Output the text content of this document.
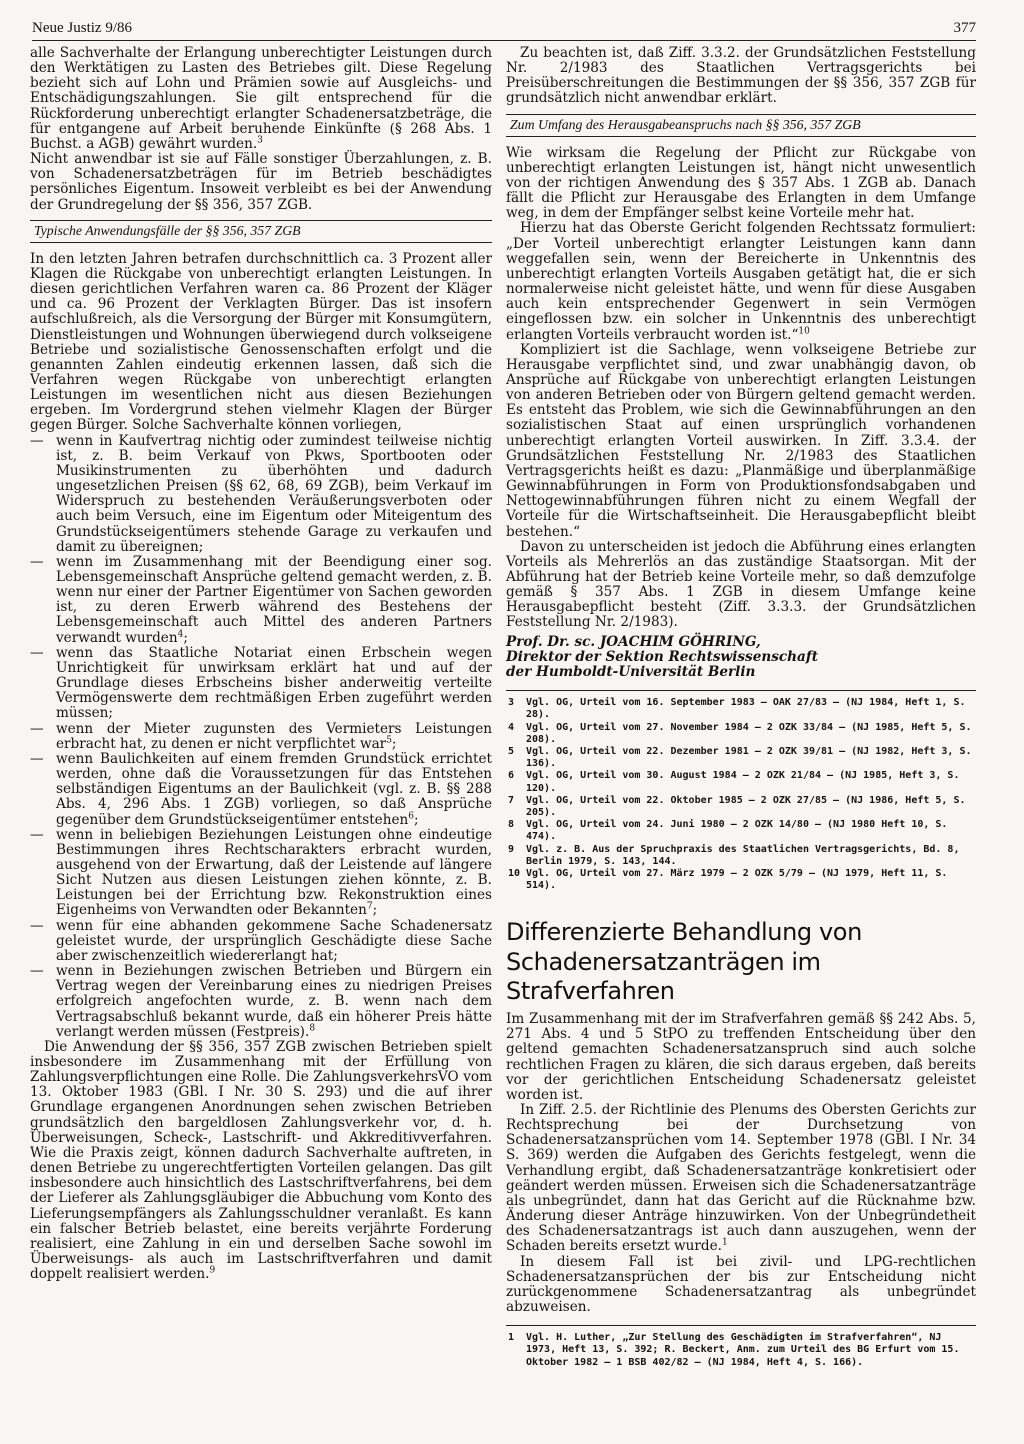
Neue Justiz 9/86	377

alle Sachverhalte der Erlangung unberechtigter Leistungen durch den Werktätigen zu Lasten des Betriebes gilt. Diese Regelung bezieht sich auf Lohn und Prämien sowie auf Ausgleichs- und Entschädigungszahlungen. Sie gilt entsprechend für die Rückforderung unberechtigt erlangter Schadenersatzbeträge, die für entgangene auf Arbeit beruhende Einkünfte (§ 268 Abs. 1 Buchst. a AGB) gewährt wurden.$^3$

Nicht anwendbar ist sie auf Fälle sonstiger Überzahlungen, z. B. von Schadenersatzbeträgen für im Betrieb beschädigtes persönliches Eigentum. Insoweit verbleibt es bei der Anwendung der Grundregelung der §§ 356, 357 ZGB.

Typische Anwendungsfälle der §§ 356, 357 ZGB

In den letzten Jahren betrafen durchschnittlich ca. 3 Prozent aller Klagen die Rückgabe von unberechtigt erlangten Leistungen. In diesen gerichtlichen Verfahren waren ca. 86 Prozent der Kläger und ca. 96 Prozent der Verklagten Bürger. Das ist insofern aufschlußreich, als die Versorgung der Bürger mit Konsumgütern, Dienstleistungen und Wohnungen überwiegend durch volkseigene Betriebe und sozialistische Genossenschaften erfolgt und die genannten Zahlen eindeutig erkennen lassen, daß sich die Verfahren wegen Rückgabe von unberechtigt erlangten Leistungen im wesentlichen nicht aus diesen Beziehungen ergeben. Im Vordergrund stehen vielmehr Klagen der Bürger gegen Bürger. Solche Sachverhalte können vorliegen,

— wenn in Kaufvertrag nichtig oder zumindest teilweise nichtig ist, z. B. beim Verkauf von Pkws, Sportbooten oder Musikinstrumenten zu überhöhten und dadurch ungesetzlichen Preisen (§§ 62, 68, 69 ZGB), beim Verkauf im Widerspruch zu bestehenden Veräußerungsverboten oder auch beim Versuch, eine im Eigentum oder Miteigentum des Grundstückseigentümers stehende Garage zu verkaufen und damit zu übereignen;
— wenn im Zusammenhang mit der Beendigung einer sog. Lebensgemeinschaft Ansprüche geltend gemacht werden, z. B. wenn nur einer der Partner Eigentümer von Sachen geworden ist, zu deren Erwerb während des Bestehens der Lebensgemeinschaft auch Mittel des anderen Partners verwandt wurden$^4$;
— wenn das Staatliche Notariat einen Erbschein wegen Unrichtigkeit für unwirksam erklärt hat und auf der Grundlage dieses Erbscheins bisher anderweitig verteilte Vermögenswerte dem rechtmäßigen Erben zugeführt werden müssen;
— wenn der Mieter zugunsten des Vermieters Leistungen erbracht hat, zu denen er nicht verpflichtet war$^5$;
— wenn Baulichkeiten auf einem fremden Grundstück errichtet werden, ohne daß die Voraussetzungen für das Entstehen selbständigen Eigentums an der Baulichkeit (vgl. z. B. §§ 288 Abs. 4, 296 Abs. 1 ZGB) vorliegen, so daß Ansprüche gegenüber dem Grundstückseigentümer entstehen$^6$;
— wenn in beliebigen Beziehungen Leistungen ohne eindeutige Bestimmungen ihres Rechtscharakters erbracht wurden, ausgehend von der Erwartung, daß der Leistende auf längere Sicht Nutzen aus diesen Leistungen ziehen könnte, z. B. Leistungen bei der Errichtung bzw. Rekonstruktion eines Eigenheims von Verwandten oder Bekannten$^7$;
— wenn für eine abhanden gekommene Sache Schadenersatz geleistet wurde, der ursprünglich Geschädigte diese Sache aber zwischenzeitlich wiedererlangt hat;
— wenn in Beziehungen zwischen Betrieben und Bürgern ein Vertrag wegen der Vereinbarung eines zu niedrigen Preises erfolgreich angefochten wurde, z. B. wenn nach dem Vertragsabschluß bekannt wurde, daß ein höherer Preis hätte verlangt werden müssen (Festpreis).$^8$

Die Anwendung der §§ 356, 357 ZGB zwischen Betrieben spielt insbesondere im Zusammenhang mit der Erfüllung von Zahlungsverpflichtungen eine Rolle. Die ZahlungsverkehrsVO vom 13. Oktober 1983 (GBl. I Nr. 30 S. 293) und die auf ihrer Grundlage ergangenen Anordnungen sehen zwischen Betrieben grundsätzlich den bargeldlosen Zahlungsverkehr vor, d. h. Überweisungen, Scheck-, Lastschrift- und Akkreditivverfahren. Wie die Praxis zeigt, können dadurch Sachverhalte auftreten, in denen Betriebe zu ungerechtfertigten Vorteilen gelangen. Das gilt insbesondere auch hinsichtlich des Lastschriftverfahrens, bei dem der Lieferer als Zahlungsgläubiger die Abbuchung vom Konto des Lieferungsempfängers als Zahlungsschuldner veranlaßt. Es kann ein falscher Betrieb belastet, eine bereits verjährte Forderung realisiert, eine Zahlung in ein und derselben Sache sowohl im Überweisungs- als auch im Lastschriftverfahren und damit doppelt realisiert werden.$^9$

Zu beachten ist, daß Ziff. 3.3.2. der Grundsätzlichen Feststellung Nr. 2/1983 des Staatlichen Vertragsgerichts bei Preisüberschreitungen die Bestimmungen der §§ 356, 357 ZGB für grundsätzlich nicht anwendbar erklärt.

Zum Umfang des Herausgabeanspruchs nach §§ 356, 357 ZGB

Wie wirksam die Regelung der Pflicht zur Rückgabe von unberechtigt erlangten Leistungen ist, hängt nicht unwesentlich von der richtigen Anwendung des § 357 Abs. 1 ZGB ab. Danach fällt die Pflicht zur Herausgabe des Erlangten in dem Umfange weg, in dem der Empfänger selbst keine Vorteile mehr hat.

Hierzu hat das Oberste Gericht folgenden Rechtssatz formuliert: „Der Vorteil unberechtigt erlangter Leistungen kann dann weggefallen sein, wenn der Bereicherte in Unkenntnis des unberechtigt erlangten Vorteils Ausgaben getätigt hat, die er sich normalerweise nicht geleistet hätte, und wenn für diese Ausgaben auch kein entsprechender Gegenwert in sein Vermögen eingeflossen bzw. ein solcher in Unkenntnis des unberechtigt erlangten Vorteils verbraucht worden ist.“$^{10}$

Kompliziert ist die Sachlage, wenn volkseigene Betriebe zur Herausgabe verpflichtet sind, und zwar unabhängig davon, ob Ansprüche auf Rückgabe von unberechtigt erlangten Leistungen von anderen Betrieben oder von Bürgern geltend gemacht werden. Es entsteht das Problem, wie sich die Gewinnabführungen an den sozialistischen Staat auf einen ursprünglich vorhandenen unberechtigt erlangten Vorteil auswirken. In Ziff. 3.3.4. der Grundsätzlichen Feststellung Nr. 2/1983 des Staatlichen Vertragsgerichts heißt es dazu: „Planmäßige und überplanmäßige Gewinnabführungen in Form von Produktionsfondsabgaben und Nettogewinnabführungen führen nicht zu einem Wegfall der Vorteile für die Wirtschaftseinheit. Die Herausgabepflicht bleibt bestehen.“

Davon zu unterscheiden ist jedoch die Abführung eines erlangten Vorteils als Mehrerlös an das zuständige Staatsorgan. Mit der Abführung hat der Betrieb keine Vorteile mehr, so daß demzufolge gemäß § 357 Abs. 1 ZGB in diesem Umfange keine Herausgabepflicht besteht (Ziff. 3.3.3. der Grundsätzlichen Feststellung Nr. 2/1983).

Prof. Dr. sc. JOACHIM GÖHRING,
Direktor der Sektion Rechtswissenschaft
der Humboldt-Universität Berlin
3 Vgl. OG, Urteil vom 16. September 1983 — OAK 27/83 — (NJ 1984, Heft 1, S. 28).
4 Vgl. OG, Urteil vom 27. November 1984 — 2 OZK 33/84 — (NJ 1985, Heft 5, S. 208).
5 Vgl. OG, Urteil vom 22. Dezember 1981 — 2 OZK 39/81 — (NJ 1982, Heft 3, S. 136).
6 Vgl. OG, Urteil vom 30. August 1984 — 2 OZK 21/84 — (NJ 1985, Heft 3, S. 120).
7 Vgl. OG, Urteil vom 22. Oktober 1985 — 2 OZK 27/85 — (NJ 1986, Heft 5, S. 205).
8 Vgl. OG, Urteil vom 24. Juni 1980 — 2 OZK 14/80 — (NJ 1980 Heft 10, S. 474).
9 Vgl. z. B. Aus der Spruchpraxis des Staatlichen Vertragsgerichts, Bd. 8, Berlin 1979, S. 143, 144.
10 Vgl. OG, Urteil vom 27. März 1979 — 2 OZK 5/79 — (NJ 1979, Heft 11, S. 514).
Differenzierte Behandlung von Schadenersatzanträgen im Strafverfahren

Im Zusammenhang mit der im Strafverfahren gemäß §§ 242 Abs. 5, 271 Abs. 4 und 5 StPO zu treffenden Entscheidung über den geltend gemachten Schadenersatzanspruch sind auch solche rechtlichen Fragen zu klären, die sich daraus ergeben, daß bereits vor der gerichtlichen Entscheidung Schadenersatz geleistet worden ist.

In Ziff. 2.5. der Richtlinie des Plenums des Obersten Gerichts zur Rechtsprechung bei der Durchsetzung von Schadenersatzansprüchen vom 14. September 1978 (GBl. I Nr. 34 S. 369) werden die Aufgaben des Gerichts festgelegt, wenn die Verhandlung ergibt, daß Schadenersatzanträge konkretisiert oder geändert werden müssen. Erweisen sich die Schadenersatzanträge als unbegründet, dann hat das Gericht auf die Rücknahme bzw. Änderung dieser Anträge hinzuwirken. Von der Unbegründetheit des Schadenersatzantrags ist auch dann auszugehen, wenn der Schaden bereits ersetzt wurde.$^1$

In diesem Fall ist bei zivil- und LPG-rechtlichen Schadenersatzansprüchen der bis zur Entscheidung nicht zurückgenommene Schadenersatzantrag als unbegründet abzuweisen.

1 Vgl. H. Luther, „Zur Stellung des Geschädigten im Strafverfahren“, NJ 1973, Heft 13, S. 392; R. Beckert, Anm. zum Urteil des BG Erfurt vom 15. Oktober 1982 — 1 BSB 402/82 — (NJ 1984, Heft 4, S. 166).
